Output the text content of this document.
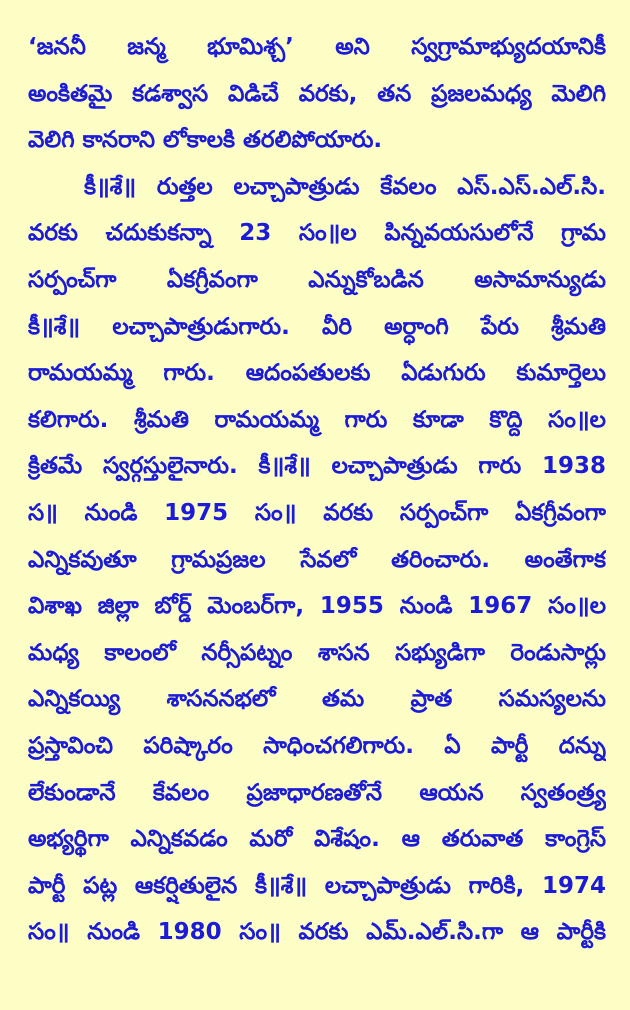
‘జననీ జన్మ భూమిశ్చ’ అని స్వగ్రామాభ్యుదయానికీ
అంకితమై కడశ్వాస విడిచే వరకు, తన ప్రజలమధ్య మెలిగి
వెలిగి కానరాని లోకాలకి తరలిపోయారు.
కీ॥శే॥ రుత్తల లచ్చాపాత్రుడు కేవలం ఎస్.ఎస్.ఎల్.సి.
వరకు చదుకుకన్నా 23 సం॥ల పిన్నవయసులోనే గ్రామ
సర్పంచ్‌గా ఏకగ్రీవంగా ఎన్నుకోబడిన అసామాన్యుడు
కీ॥శే॥ లచ్చాపాత్రుడుగారు. వీరి అర్ధాంగి పేరు శ్రీమతి
రామయమ్మ గారు. ఆదంపతులకు ఏడుగురు కుమార్తెలు
కలిగారు. శ్రీమతి రామయమ్మ గారు కూడా కొద్ది సం॥ల
క్రితమే స్వర్గస్తులైనారు. కీ॥శే॥ లచ్చాపాత్రుడు గారు 1938
స॥ నుండి 1975 సం॥ వరకు సర్పంచ్‌గా ఏకగ్రీవంగా
ఎన్నికవుతూ గ్రామప్రజల సేవలో తరించారు. అంతేగాక
విశాఖ జిల్లా బోర్డ్ మెంబర్‌గా, 1955 నుండి 1967 సం॥ల
మధ్య కాలంలో నర్సీపట్నం శాసన సభ్యుడిగా రెండుసార్లు
ఎన్నికయ్యి శాసననభలో తమ ప్రాత సమస్యలను
ప్రస్తావించి పరిష్కారం సాధించగలిగారు. ఏ పార్టీ దన్ను
లేకుండానే కేవలం ప్రజాధారణతోనే ఆయన స్వతంత్ర్య
అభ్యర్థిగా ఎన్నికవడం మరో విశేషం. ఆ తరువాత కాంగ్రెస్
పార్టీ పట్ల ఆకర్షితులైన కీ॥శే॥ లచ్చాపాత్రుడు గారికి, 1974
సం॥ నుండి 1980 సం॥ వరకు ఎమ్.ఎల్.సి.గా ఆ పార్టీకి
